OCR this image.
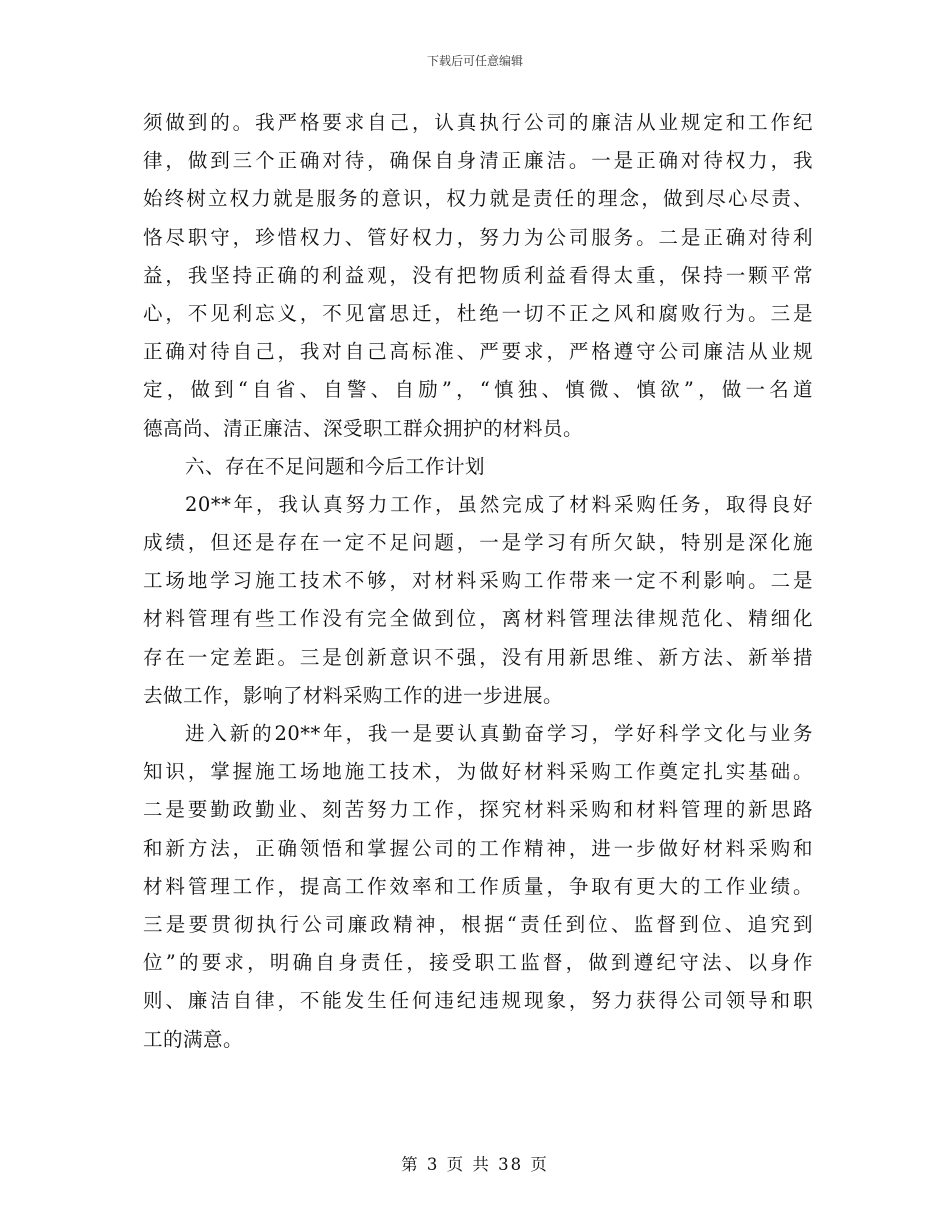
下载后可任意编辑
须做到的。我严格要求自己，认真执行公司的廉洁从业规定和工作纪
律，做到三个正确对待，确保自身清正廉洁。一是正确对待权力，我
始终树立权力就是服务的意识，权力就是责任的理念，做到尽心尽责、
恪尽职守，珍惜权力、管好权力，努力为公司服务。二是正确对待利
益，我坚持正确的利益观，没有把物质利益看得太重，保持一颗平常
心，不见利忘义，不见富思迁，杜绝一切不正之风和腐败行为。三是
正确对待自己，我对自己高标准、严要求，严格遵守公司廉洁从业规
定，做到“自省、自警、自励”，“慎独、慎微、慎欲”，做一名道
德高尚、清正廉洁、深受职工群众拥护的材料员。
六、存在不足问题和今后工作计划
20**年，我认真努力工作，虽然完成了材料采购任务，取得良好
成绩，但还是存在一定不足问题，一是学习有所欠缺，特别是深化施
工场地学习施工技术不够，对材料采购工作带来一定不利影响。二是
材料管理有些工作没有完全做到位，离材料管理法律规范化、精细化
存在一定差距。三是创新意识不强，没有用新思维、新方法、新举措
去做工作，影响了材料采购工作的进一步进展。
进入新的20**年，我一是要认真勤奋学习，学好科学文化与业务
知识，掌握施工场地施工技术，为做好材料采购工作奠定扎实基础。
二是要勤政勤业、刻苦努力工作，探究材料采购和材料管理的新思路
和新方法，正确领悟和掌握公司的工作精神，进一步做好材料采购和
材料管理工作，提高工作效率和工作质量，争取有更大的工作业绩。
三是要贯彻执行公司廉政精神，根据“责任到位、监督到位、追究到
位”的要求，明确自身责任，接受职工监督，做到遵纪守法、以身作
则、廉洁自律，不能发生任何违纪违规现象，努力获得公司领导和职
工的满意。
第 3 页 共 38 页
